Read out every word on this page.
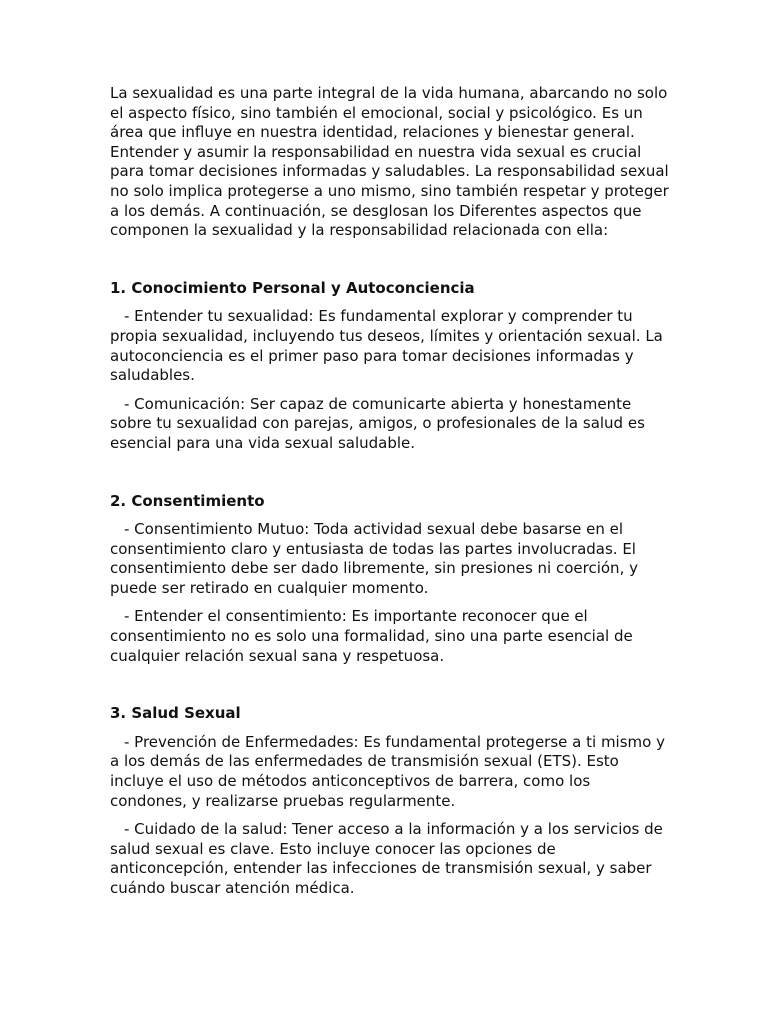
La sexualidad es una parte integral de la vida humana, abarcando no solo el aspecto físico, sino también el emocional, social y psicológico. Es un área que influye en nuestra identidad, relaciones y bienestar general. Entender y asumir la responsabilidad en nuestra vida sexual es crucial para tomar decisiones informadas y saludables. La responsabilidad sexual no solo implica protegerse a uno mismo, sino también respetar y proteger a los demás. A continuación, se desglosan los Diferentes aspectos que componen la sexualidad y la responsabilidad relacionada con ella:

1. Conocimiento Personal y Autoconciencia

- Entender tu sexualidad: Es fundamental explorar y comprender tu propia sexualidad, incluyendo tus deseos, límites y orientación sexual. La autoconciencia es el primer paso para tomar decisiones informadas y saludables.

- Comunicación: Ser capaz de comunicarte abierta y honestamente sobre tu sexualidad con parejas, amigos, o profesionales de la salud es esencial para una vida sexual saludable.

2. Consentimiento

- Consentimiento Mutuo: Toda actividad sexual debe basarse en el consentimiento claro y entusiasta de todas las partes involucradas. El consentimiento debe ser dado libremente, sin presiones ni coerción, y puede ser retirado en cualquier momento.

- Entender el consentimiento: Es importante reconocer que el consentimiento no es solo una formalidad, sino una parte esencial de cualquier relación sexual sana y respetuosa.

3. Salud Sexual

- Prevención de Enfermedades: Es fundamental protegerse a ti mismo y a los demás de las enfermedades de transmisión sexual (ETS). Esto incluye el uso de métodos anticonceptivos de barrera, como los condones, y realizarse pruebas regularmente.

- Cuidado de la salud: Tener acceso a la información y a los servicios de salud sexual es clave. Esto incluye conocer las opciones de anticoncepción, entender las infecciones de transmisión sexual, y saber cuándo buscar atención médica.
